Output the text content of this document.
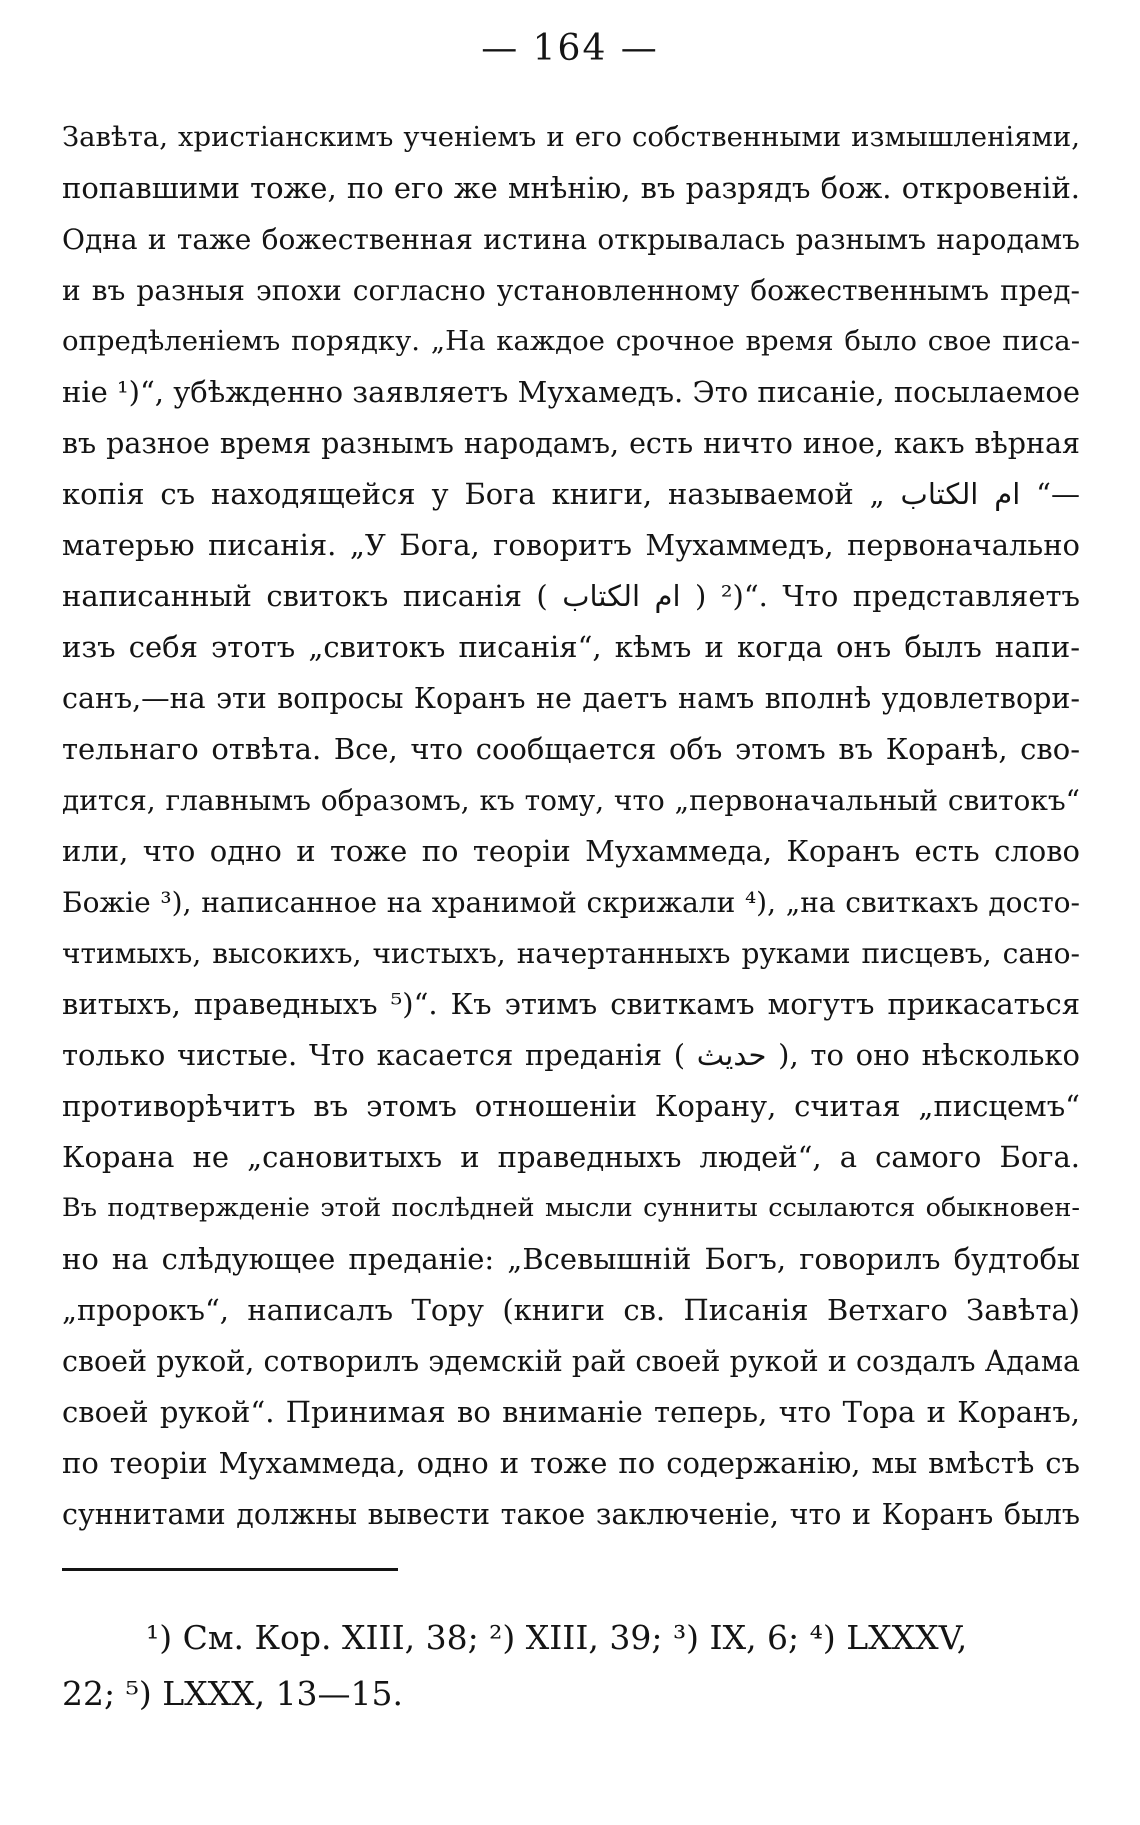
— 164 —
Завѣта, христіанскимъ ученіемъ и его собственными измышленіями,
попавшими тоже, по его же мнѣнію, въ разрядъ бож. откровеній.
Одна и таже божественная истина открывалась разнымъ народамъ
и въ разныя эпохи согласно установленному божественнымъ пред-
опредѣленіемъ порядку. „На каждое срочное время было свое писа-
ніе ¹)“, убѣжденно заявляетъ Мухамедъ. Это писаніе, посылаемое
въ разное время разнымъ народамъ, есть ничто иное, какъ вѣрная
копія съ находящейся у Бога книги, называемой „ ام الكتاب “—
матерью писанія. „У Бога, говоритъ Мухаммедъ, первоначально
написанный свитокъ писанія ( ام الكتاب ) ²)“. Что представляетъ
изъ себя этотъ „свитокъ писанія“, кѣмъ и когда онъ былъ напи-
санъ,—на эти вопросы Коранъ не даетъ намъ вполнѣ удовлетвори-
тельнаго отвѣта. Все, что сообщается объ этомъ въ Коранѣ, сво-
дится, главнымъ образомъ, къ тому, что „первоначальный свитокъ“
или, что одно и тоже по теоріи Мухаммеда, Коранъ есть слово
Божіе ³), написанное на хранимой скрижали ⁴), „на свиткахъ досто-
чтимыхъ, высокихъ, чистыхъ, начертанныхъ руками писцевъ, сано-
витыхъ, праведныхъ ⁵)“. Къ этимъ свиткамъ могутъ прикасаться
только чистые. Что касается преданія ( حديث ), то оно нѣсколько
противорѣчитъ въ этомъ отношеніи Корану, считая „писцемъ“
Корана не „сановитыхъ и праведныхъ людей“, а самого Бога.
Въ подтвержденіе этой послѣдней мысли сунниты ссылаются обыкновен-
но на слѣдующее преданіе: „Всевышній Богъ, говорилъ будтобы
„пророкъ“, написалъ Тору (книги св. Писанія Ветхаго Завѣта)
своей рукой, сотворилъ эдемскій рай своей рукой и создалъ Адама
своей рукой“. Принимая во вниманіе теперь, что Тора и Коранъ,
по теоріи Мухаммеда, одно и тоже по содержанію, мы вмѣстѣ съ
суннитами должны вывести такое заключеніе, что и Коранъ былъ
¹) См. Кор. XIII, 38; ²) XIII, 39; ³) IX, 6; ⁴) LXXXV,
22; ⁵) LXXX, 13—15.
